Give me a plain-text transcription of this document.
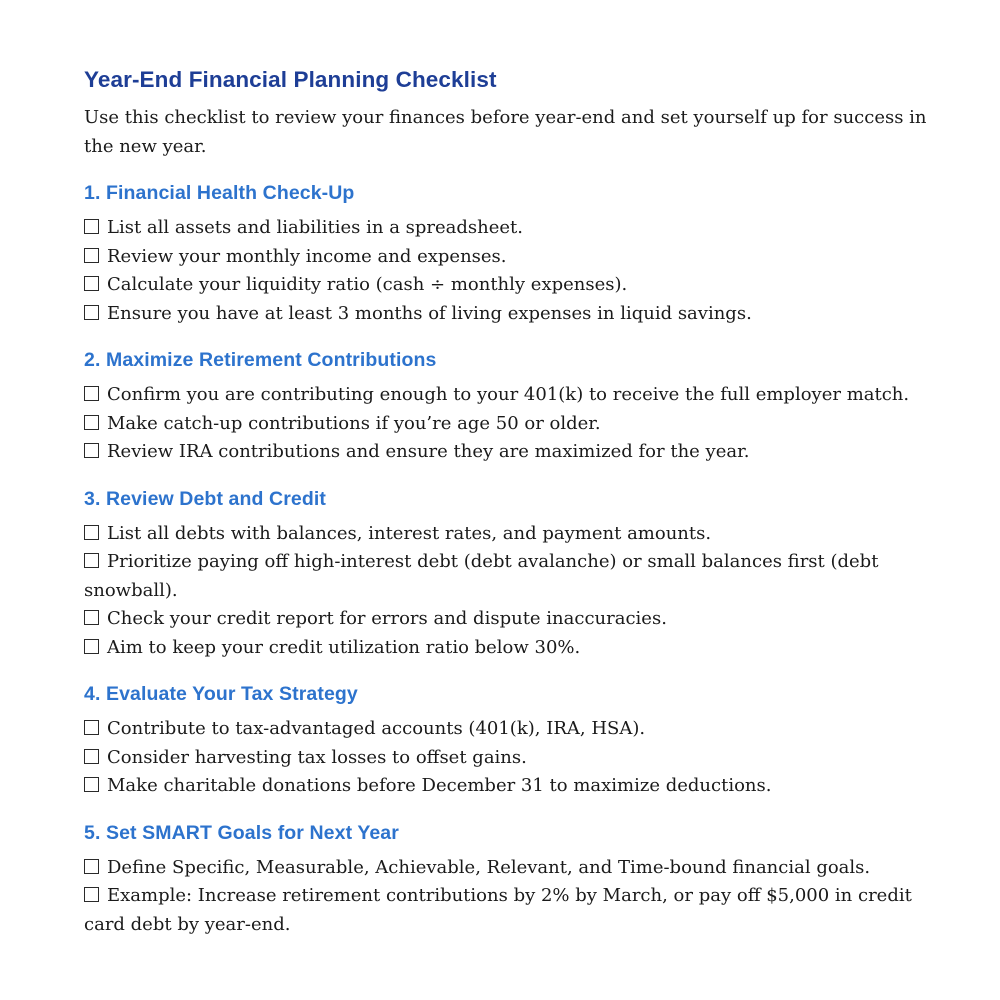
Year-End Financial Planning Checklist

Use this checklist to review your finances before year-end and set yourself up for success in the new year.

1. Financial Health Check-Up

List all assets and liabilities in a spreadsheet.

Review your monthly income and expenses.

Calculate your liquidity ratio (cash ÷ monthly expenses).

Ensure you have at least 3 months of living expenses in liquid savings.

2. Maximize Retirement Contributions

Confirm you are contributing enough to your 401(k) to receive the full employer match.

Make catch-up contributions if you’re age 50 or older.

Review IRA contributions and ensure they are maximized for the year.

3. Review Debt and Credit

List all debts with balances, interest rates, and payment amounts.

Prioritize paying off high-interest debt (debt avalanche) or small balances first (debt snowball).

Check your credit report for errors and dispute inaccuracies.

Aim to keep your credit utilization ratio below 30%.

4. Evaluate Your Tax Strategy

Contribute to tax-advantaged accounts (401(k), IRA, HSA).

Consider harvesting tax losses to offset gains.

Make charitable donations before December 31 to maximize deductions.

5. Set SMART Goals for Next Year

Define Specific, Measurable, Achievable, Relevant, and Time-bound financial goals.

Example: Increase retirement contributions by 2% by March, or pay off $5,000 in credit card debt by year-end.
